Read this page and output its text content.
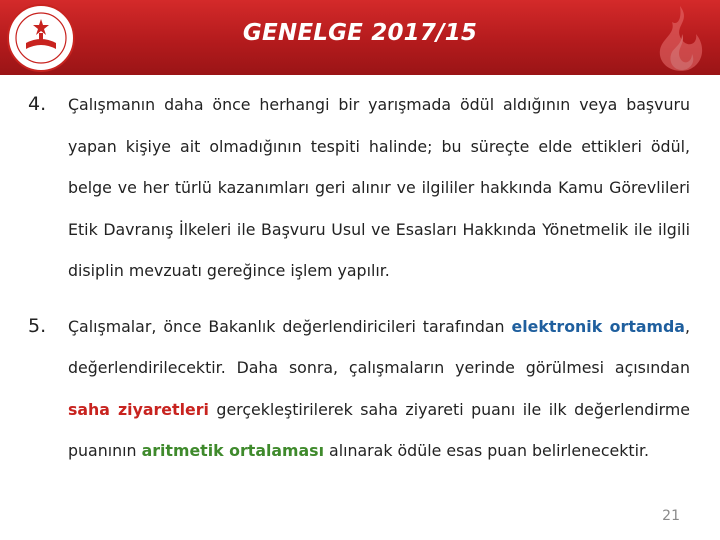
GENELGE 2017/15
4. Çalışmanın daha önce herhangi bir yarışmada ödül aldığının veya başvuru yapan kişiye ait olmadığının tespiti halinde; bu süreçte elde ettikleri ödül, belge ve her türlü kazanımları geri alınır ve ilgililer hakkında Kamu Görevlileri Etik Davranış İlkeleri ile Başvuru Usul ve Esasları Hakkında Yönetmelik ile ilgili disiplin mevzuatı gereğince işlem yapılır.
5. Çalışmalar, önce Bakanlık değerlendiricileri tarafından elektronik ortamda, değerlendirilecektir. Daha sonra, çalışmaların yerinde görülmesi açısından saha ziyaretleri gerçekleştirilerek saha ziyareti puanı ile ilk değerlendirme puanının aritmetik ortalaması alınarak ödüle esas puan belirlenecektir.
21
